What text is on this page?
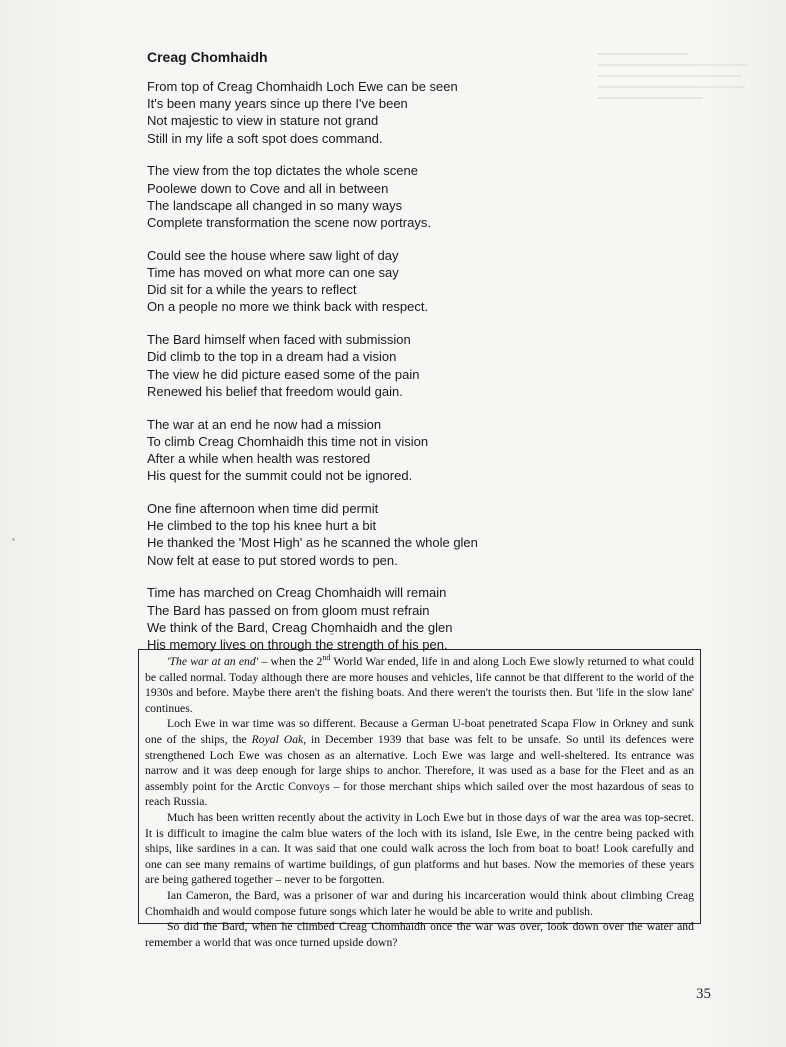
Creag Chomhaidh
From top of Creag Chomhaidh Loch Ewe can be seen
It's been many years since up there I've been
Not majestic to view in stature not grand
Still in my life a soft spot does command.
The view from the top dictates the whole scene
Poolewe down to Cove and all in between
The landscape all changed in so many ways
Complete transformation the scene now portrays.
Could see the house where saw light of day
Time has moved on what more can one say
Did sit for a while the years to reflect
On a people no more we think back with respect.
The Bard himself when faced with submission
Did climb to the top in a dream had a vision
The view he did picture eased some of the pain
Renewed his belief that freedom would gain.
The war at an end he now had a mission
To climb Creag Chomhaidh this time not in vision
After a while when health was restored
His quest for the summit could not be ignored.
One fine afternoon when time did permit
He climbed to the top his knee hurt a bit
He thanked the 'Most High' as he scanned the whole glen
Now felt at ease to put stored words to pen.
Time has marched on Creag Chomhaidh will remain
The Bard has passed on from gloom must refrain
We think of the Bard, Creag Chomhaidh and the glen
His memory lives on through the strength of his pen.

'The war at an end' – when the 2nd World War ended, life in and along Loch Ewe slowly returned to what could be called normal. Today although there are more houses and vehicles, life cannot be that different to the world of the 1930s and before. Maybe there aren't the fishing boats. And there weren't the tourists then. But 'life in the slow lane' continues.

Loch Ewe in war time was so different. Because a German U-boat penetrated Scapa Flow in Orkney and sunk one of the ships, the Royal Oak, in December 1939 that base was felt to be unsafe. So until its defences were strengthened Loch Ewe was chosen as an alternative. Loch Ewe was large and well-sheltered. Its entrance was narrow and it was deep enough for large ships to anchor. Therefore, it was used as a base for the Fleet and as an assembly point for the Arctic Convoys – for those merchant ships which sailed over the most hazardous of seas to reach Russia.

Much has been written recently about the activity in Loch Ewe but in those days of war the area was top-secret. It is difficult to imagine the calm blue waters of the loch with its island, Isle Ewe, in the centre being packed with ships, like sardines in a can. It was said that one could walk across the loch from boat to boat! Look carefully and one can see many remains of wartime buildings, of gun platforms and hut bases. Now the memories of these years are being gathered together – never to be forgotten.

Ian Cameron, the Bard, was a prisoner of war and during his incarceration would think about climbing Creag Chomhaidh and would compose future songs which later he would be able to write and publish.

So did the Bard, when he climbed Creag Chomhaidh once the war was over, look down over the water and remember a world that was once turned upside down?

35
